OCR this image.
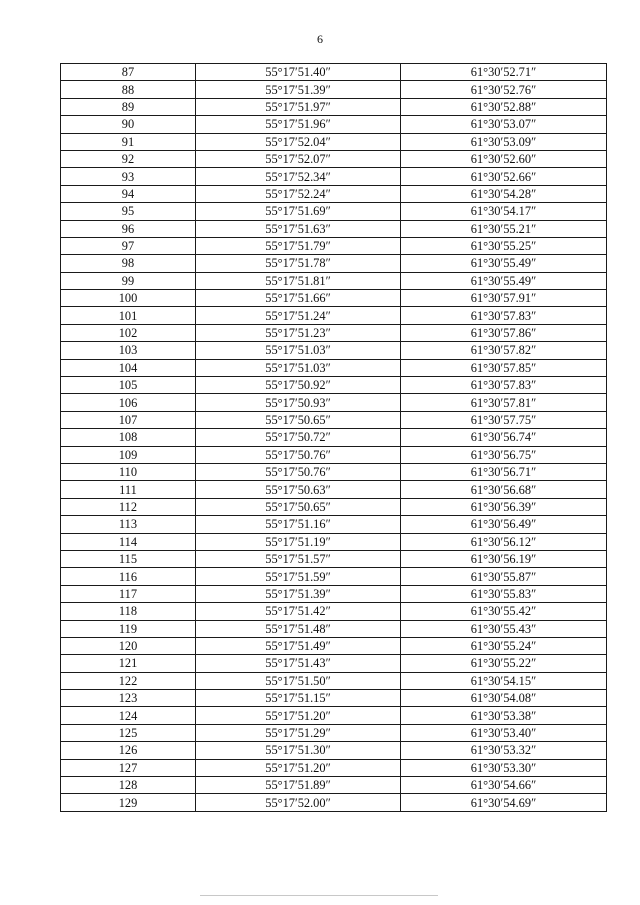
6
87	55°17′51.40″	61°30′52.71″
88	55°17′51.39″	61°30′52.76″
89	55°17′51.97″	61°30′52.88″
90	55°17′51.96″	61°30′53.07″
91	55°17′52.04″	61°30′53.09″
92	55°17′52.07″	61°30′52.60″
93	55°17′52.34″	61°30′52.66″
94	55°17′52.24″	61°30′54.28″
95	55°17′51.69″	61°30′54.17″
96	55°17′51.63″	61°30′55.21″
97	55°17′51.79″	61°30′55.25″
98	55°17′51.78″	61°30′55.49″
99	55°17′51.81″	61°30′55.49″
100	55°17′51.66″	61°30′57.91″
101	55°17′51.24″	61°30′57.83″
102	55°17′51.23″	61°30′57.86″
103	55°17′51.03″	61°30′57.82″
104	55°17′51.03″	61°30′57.85″
105	55°17′50.92″	61°30′57.83″
106	55°17′50.93″	61°30′57.81″
107	55°17′50.65″	61°30′57.75″
108	55°17′50.72″	61°30′56.74″
109	55°17′50.76″	61°30′56.75″
110	55°17′50.76″	61°30′56.71″
111	55°17′50.63″	61°30′56.68″
112	55°17′50.65″	61°30′56.39″
113	55°17′51.16″	61°30′56.49″
114	55°17′51.19″	61°30′56.12″
115	55°17′51.57″	61°30′56.19″
116	55°17′51.59″	61°30′55.87″
117	55°17′51.39″	61°30′55.83″
118	55°17′51.42″	61°30′55.42″
119	55°17′51.48″	61°30′55.43″
120	55°17′51.49″	61°30′55.24″
121	55°17′51.43″	61°30′55.22″
122	55°17′51.50″	61°30′54.15″
123	55°17′51.15″	61°30′54.08″
124	55°17′51.20″	61°30′53.38″
125	55°17′51.29″	61°30′53.40″
126	55°17′51.30″	61°30′53.32″
127	55°17′51.20″	61°30′53.30″
128	55°17′51.89″	61°30′54.66″
129	55°17′52.00″	61°30′54.69″
